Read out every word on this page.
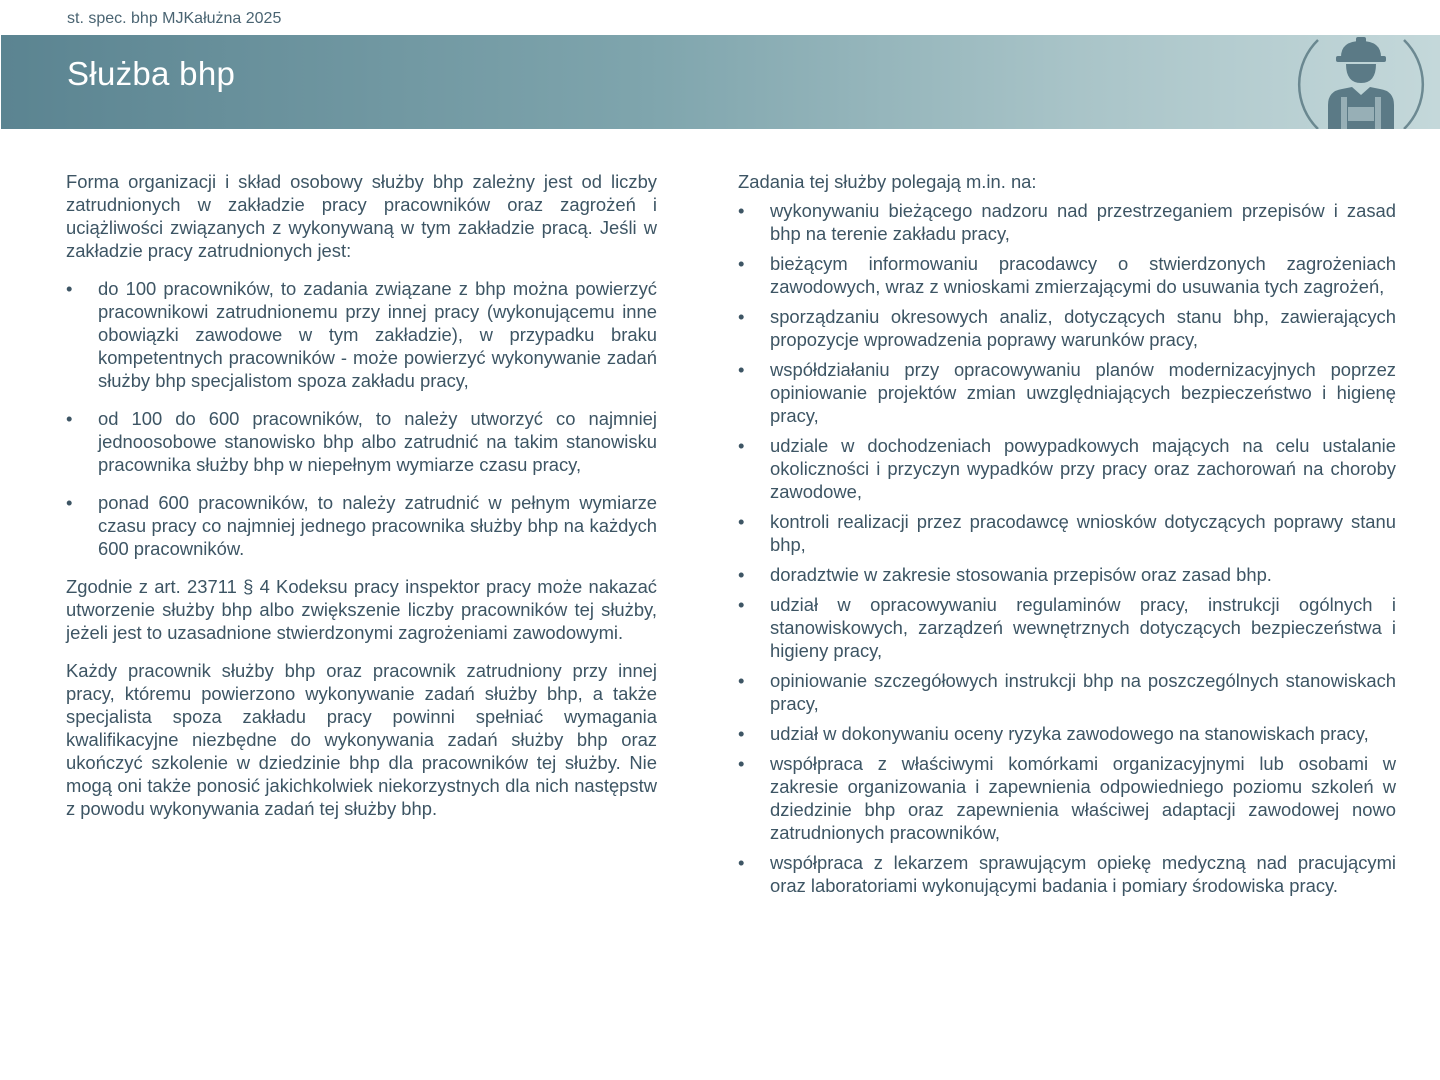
st. spec. bhp MJKałużna 2025
Służba bhp

Forma organizacji i skład osobowy służby bhp zależny jest od liczby zatrudnionych w zakładzie pracy pracowników oraz zagrożeń i uciążliwości związanych z wykonywaną w tym zakładzie pracą. Jeśli w zakładzie pracy zatrudnionych jest:

• do 100 pracowników, to zadania związane z bhp można powierzyć pracownikowi zatrudnionemu przy innej pracy (wykonującemu inne obowiązki zawodowe w tym zakładzie), w przypadku braku kompetentnych pracowników - może powierzyć wykonywanie zadań służby bhp specjalistom spoza zakładu pracy,
• od 100 do 600 pracowników, to należy utworzyć co najmniej jednoosobowe stanowisko bhp albo zatrudnić na takim stanowisku pracownika służby bhp w niepełnym wymiarze czasu pracy,
• ponad 600 pracowników, to należy zatrudnić w pełnym wymiarze czasu pracy co najmniej jednego pracownika służby bhp na każdych 600 pracowników.

Zgodnie z art. 23711 § 4 Kodeksu pracy inspektor pracy może nakazać utworzenie służby bhp albo zwiększenie liczby pracowników tej służby, jeżeli jest to uzasadnione stwierdzonymi zagrożeniami zawodowymi.

Każdy pracownik służby bhp oraz pracownik zatrudniony przy innej pracy, któremu powierzono wykonywanie zadań służby bhp, a także specjalista spoza zakładu pracy powinni spełniać wymagania kwalifikacyjne niezbędne do wykonywania zadań służby bhp oraz ukończyć szkolenie w dziedzinie bhp dla pracowników tej służby. Nie mogą oni także ponosić jakichkolwiek niekorzystnych dla nich następstw z powodu wykonywania zadań tej służby bhp.

Zadania tej służby polegają m.in. na:

• wykonywaniu bieżącego nadzoru nad przestrzeganiem przepisów i zasad bhp na terenie zakładu pracy,
• bieżącym informowaniu pracodawcy o stwierdzonych zagrożeniach zawodowych, wraz z wnioskami zmierzającymi do usuwania tych zagrożeń,
• sporządzaniu okresowych analiz, dotyczących stanu bhp, zawierających propozycje wprowadzenia poprawy warunków pracy,
• współdziałaniu przy opracowywaniu planów modernizacyjnych poprzez opiniowanie projektów zmian uwzględniających bezpieczeństwo i higienę pracy,
• udziale w dochodzeniach powypadkowych mających na celu ustalanie okoliczności i przyczyn wypadków przy pracy oraz zachorowań na choroby zawodowe,
• kontroli realizacji przez pracodawcę wniosków dotyczących poprawy stanu bhp,
• doradztwie w zakresie stosowania przepisów oraz zasad bhp.
• udział w opracowywaniu regulaminów pracy, instrukcji ogólnych i stanowiskowych, zarządzeń wewnętrznych dotyczących bezpieczeństwa i higieny pracy,
• opiniowanie szczegółowych instrukcji bhp na poszczególnych stanowiskach pracy,
• udział w dokonywaniu oceny ryzyka zawodowego na stanowiskach pracy,
• współpraca z właściwymi komórkami organizacyjnymi lub osobami w zakresie organizowania i zapewnienia odpowiedniego poziomu szkoleń w dziedzinie bhp oraz zapewnienia właściwej adaptacji zawodowej nowo zatrudnionych pracowników,
• współpraca z lekarzem sprawującym opiekę medyczną nad pracującymi oraz laboratoriami wykonującymi badania i pomiary środowiska pracy.
